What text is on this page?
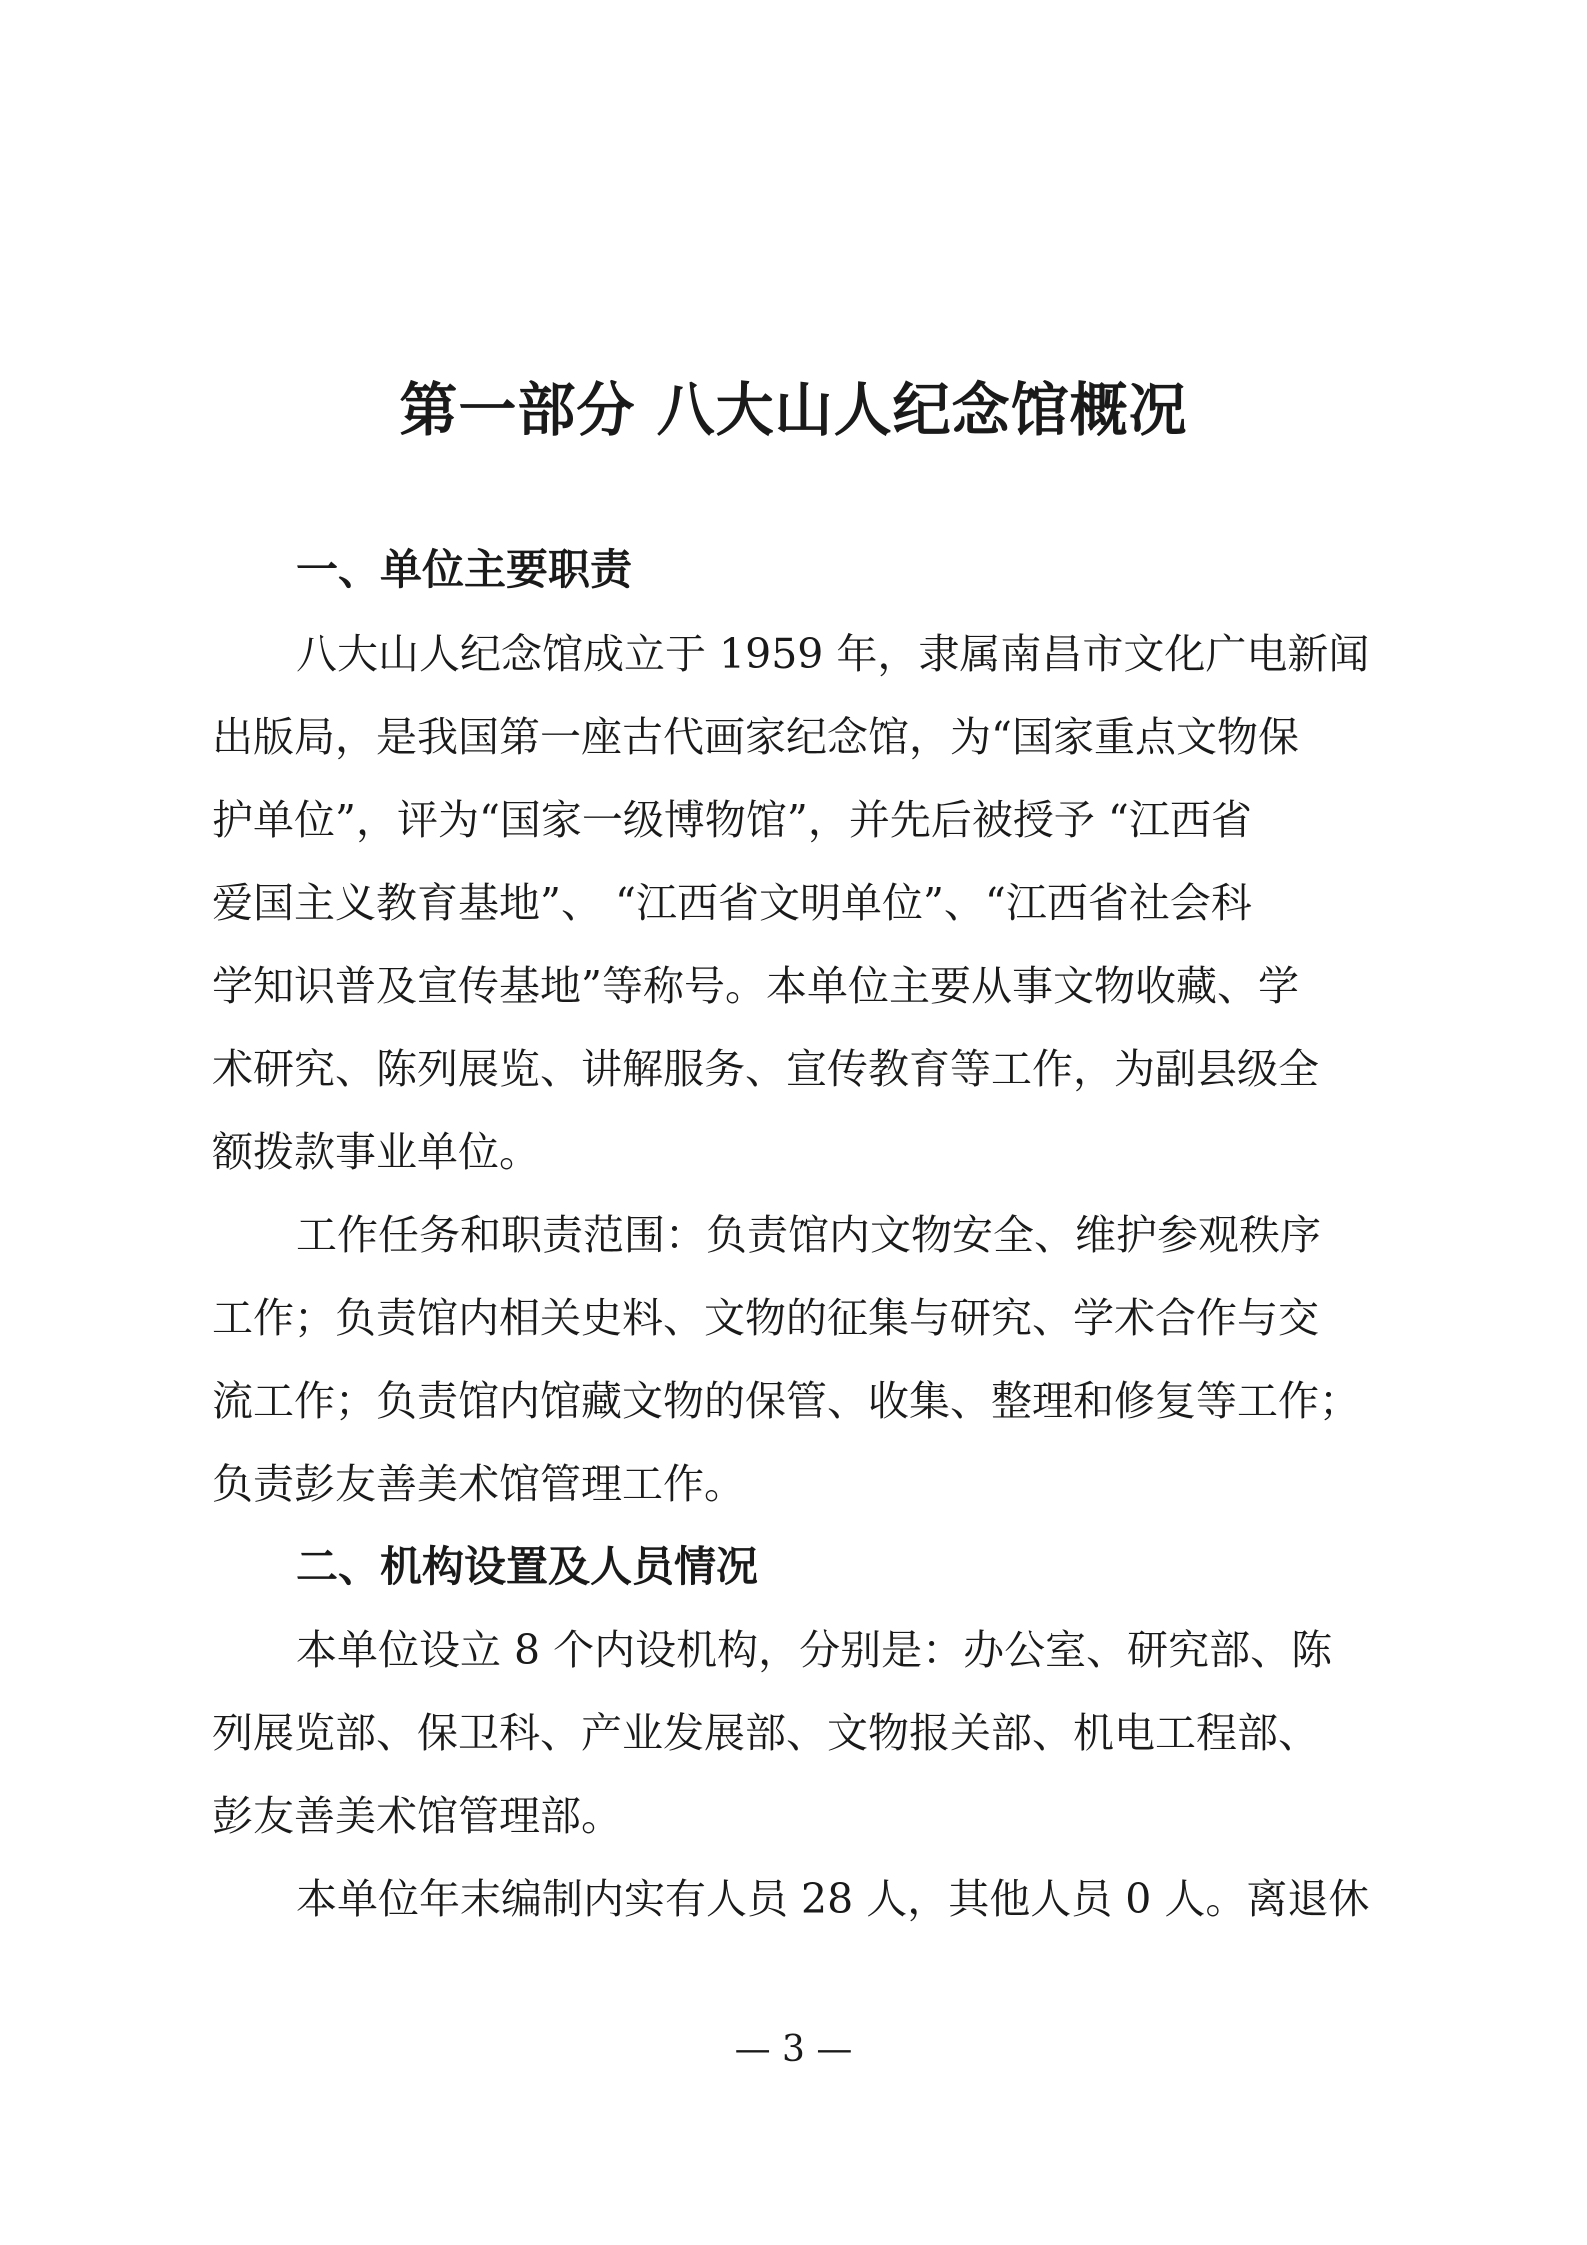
第一部分 八大山人纪念馆概况
一、单位主要职责

八大山人纪念馆成立于 1959 年，隶属南昌市文化广电新闻

出版局，是我国第一座古代画家纪念馆，为“国家重点文物保

护单位”，评为“国家一级博物馆”，并先后被授予 “江西省

爱国主义教育基地”、 “江西省文明单位”、“江西省社会科

学知识普及宣传基地”等称号。本单位主要从事文物收藏、学

术研究、陈列展览、讲解服务、宣传教育等工作，为副县级全

额拨款事业单位。

工作任务和职责范围：负责馆内文物安全、维护参观秩序

工作；负责馆内相关史料、文物的征集与研究、学术合作与交

流工作；负责馆内馆藏文物的保管、收集、整理和修复等工作；

负责彭友善美术馆管理工作。

二、机构设置及人员情况

本单位设立 8 个内设机构，分别是：办公室、研究部、陈

列展览部、保卫科、产业发展部、文物报关部、机电工程部、

彭友善美术馆管理部。

本单位年末编制内实有人员 28 人，其他人员 0 人。离退休

— 3 —
